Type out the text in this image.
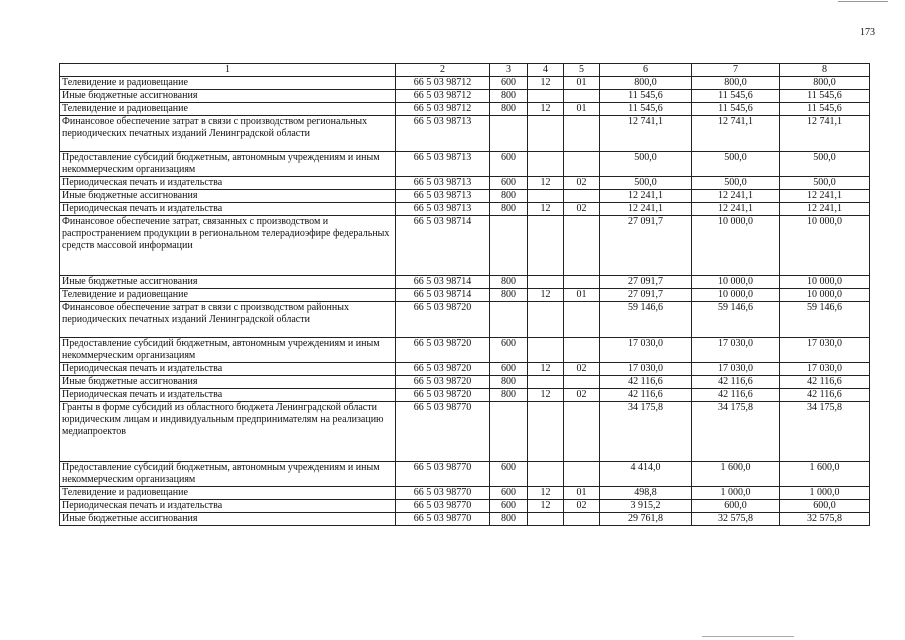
173
1	2	3	4	5	6	7	8
Телевидение и радиовещание	66 5 03 98712	600	12	01	800,0	800,0	800,0
Иные бюджетные ассигнования	66 5 03 98712	800			11 545,6	11 545,6	11 545,6
Телевидение и радиовещание	66 5 03 98712	800	12	01	11 545,6	11 545,6	11 545,6
Финансовое обеспечение затрат в связи с производством региональных периодических печатных изданий Ленинградской области	66 5 03 98713				12 741,1	12 741,1	12 741,1
Предоставление субсидий бюджетным, автономным учреждениям и иным некоммерческим организациям	66 5 03 98713	600			500,0	500,0	500,0
Периодическая печать и издательства	66 5 03 98713	600	12	02	500,0	500,0	500,0
Иные бюджетные ассигнования	66 5 03 98713	800			12 241,1	12 241,1	12 241,1
Периодическая печать и издательства	66 5 03 98713	800	12	02	12 241,1	12 241,1	12 241,1
Финансовое обеспечение затрат, связанных с производством и распространением продукции в региональном телерадиоэфире федеральных средств массовой информации	66 5 03 98714				27 091,7	10 000,0	10 000,0
Иные бюджетные ассигнования	66 5 03 98714	800			27 091,7	10 000,0	10 000,0
Телевидение и радиовещание	66 5 03 98714	800	12	01	27 091,7	10 000,0	10 000,0
Финансовое обеспечение затрат в связи с производством районных периодических печатных изданий Ленинградской области	66 5 03 98720				59 146,6	59 146,6	59 146,6
Предоставление субсидий бюджетным, автономным учреждениям и иным некоммерческим организациям	66 5 03 98720	600			17 030,0	17 030,0	17 030,0
Периодическая печать и издательства	66 5 03 98720	600	12	02	17 030,0	17 030,0	17 030,0
Иные бюджетные ассигнования	66 5 03 98720	800			42 116,6	42 116,6	42 116,6
Периодическая печать и издательства	66 5 03 98720	800	12	02	42 116,6	42 116,6	42 116,6
Гранты в форме субсидий из областного бюджета Ленинградской области юридическим лицам и индивидуальным предпринимателям на реализацию медиапроектов	66 5 03 98770				34 175,8	34 175,8	34 175,8
Предоставление субсидий бюджетным, автономным учреждениям и иным некоммерческим организациям	66 5 03 98770	600			4 414,0	1 600,0	1 600,0
Телевидение и радиовещание	66 5 03 98770	600	12	01	498,8	1 000,0	1 000,0
Периодическая печать и издательства	66 5 03 98770	600	12	02	3 915,2	600,0	600,0
Иные бюджетные ассигнования	66 5 03 98770	800			29 761,8	32 575,8	32 575,8
